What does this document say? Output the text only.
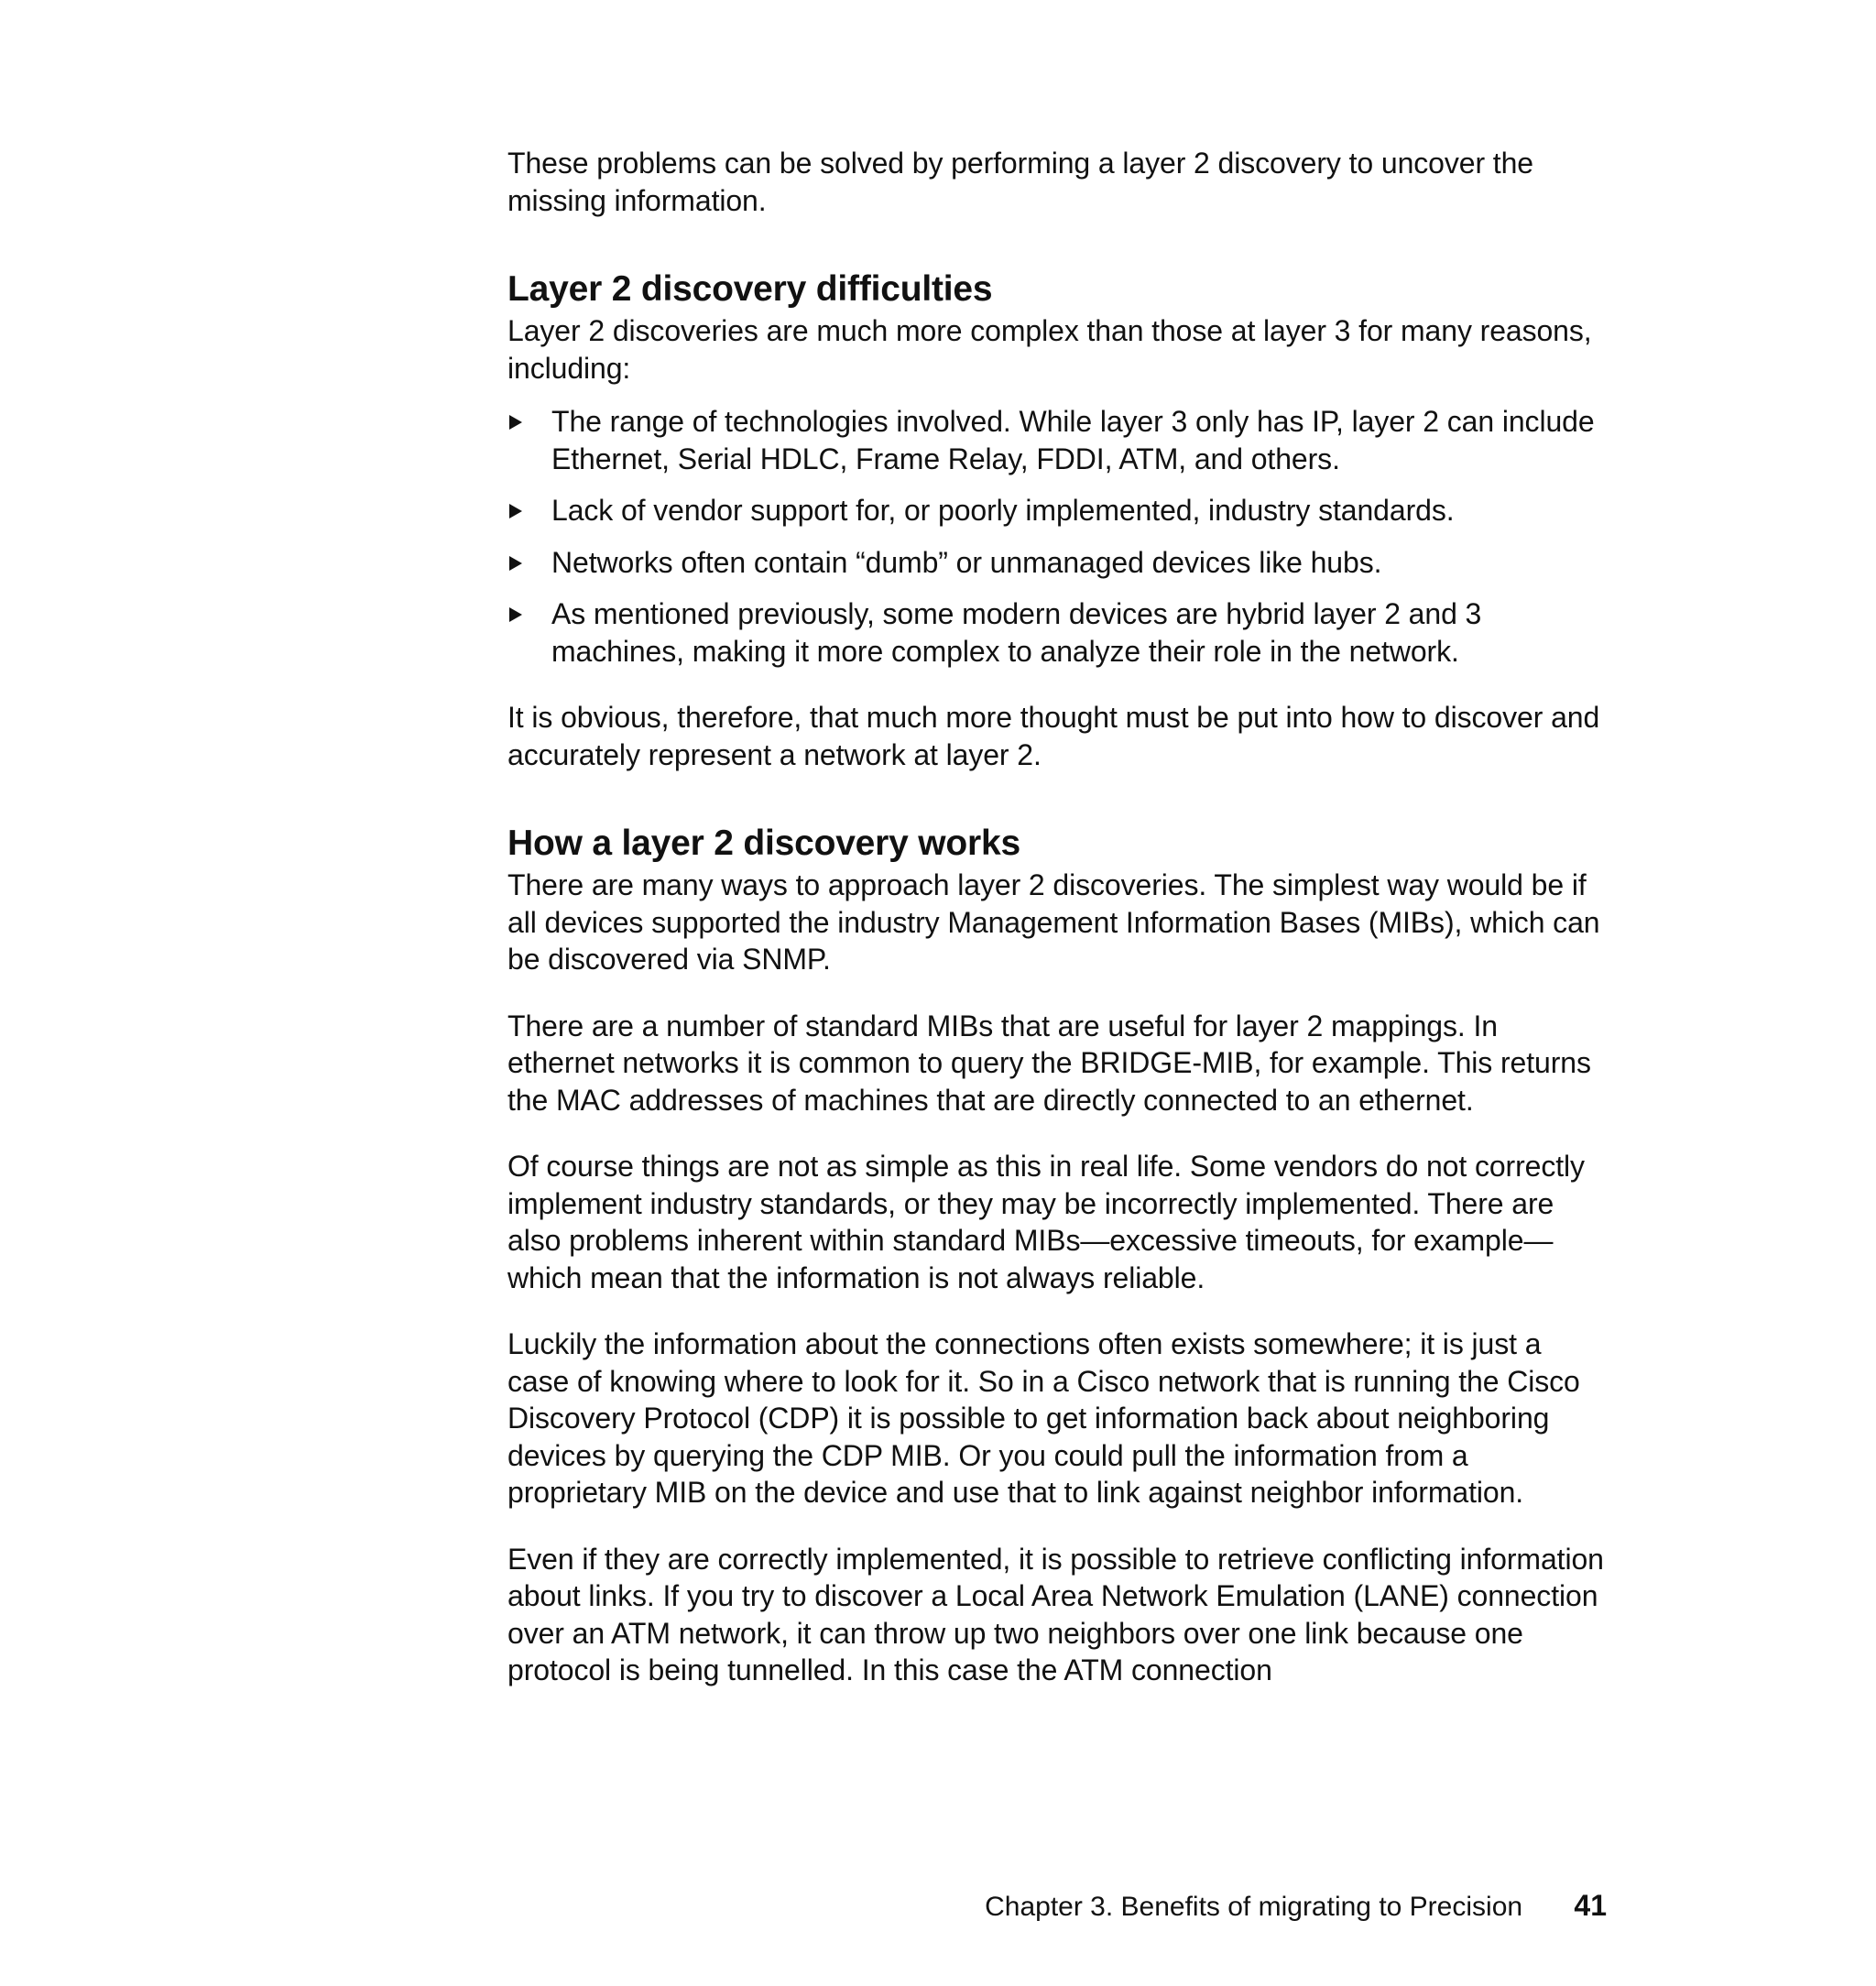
These problems can be solved by performing a layer 2 discovery to uncover the missing information.

Layer 2 discovery difficulties

Layer 2 discoveries are much more complex than those at layer 3 for many reasons, including:

The range of technologies involved. While layer 3 only has IP, layer 2 can include Ethernet, Serial HDLC, Frame Relay, FDDI, ATM, and others.
Lack of vendor support for, or poorly implemented, industry standards.
Networks often contain “dumb” or unmanaged devices like hubs.
As mentioned previously, some modern devices are hybrid layer 2 and 3 machines, making it more complex to analyze their role in the network.

It is obvious, therefore, that much more thought must be put into how to discover and accurately represent a network at layer 2.

How a layer 2 discovery works

There are many ways to approach layer 2 discoveries. The simplest way would be if all devices supported the industry Management Information Bases (MIBs), which can be discovered via SNMP.

There are a number of standard MIBs that are useful for layer 2 mappings. In ethernet networks it is common to query the BRIDGE-MIB, for example. This returns the MAC addresses of machines that are directly connected to an ethernet.

Of course things are not as simple as this in real life. Some vendors do not correctly implement industry standards, or they may be incorrectly implemented. There are also problems inherent within standard MIBs—excessive timeouts, for example—which mean that the information is not always reliable.

Luckily the information about the connections often exists somewhere; it is just a case of knowing where to look for it. So in a Cisco network that is running the Cisco Discovery Protocol (CDP) it is possible to get information back about neighboring devices by querying the CDP MIB. Or you could pull the information from a proprietary MIB on the device and use that to link against neighbor information.

Even if they are correctly implemented, it is possible to retrieve conflicting information about links. If you try to discover a Local Area Network Emulation (LANE) connection over an ATM network, it can throw up two neighbors over one link because one protocol is being tunnelled. In this case the ATM connection

Chapter 3. Benefits of migrating to Precision 41
